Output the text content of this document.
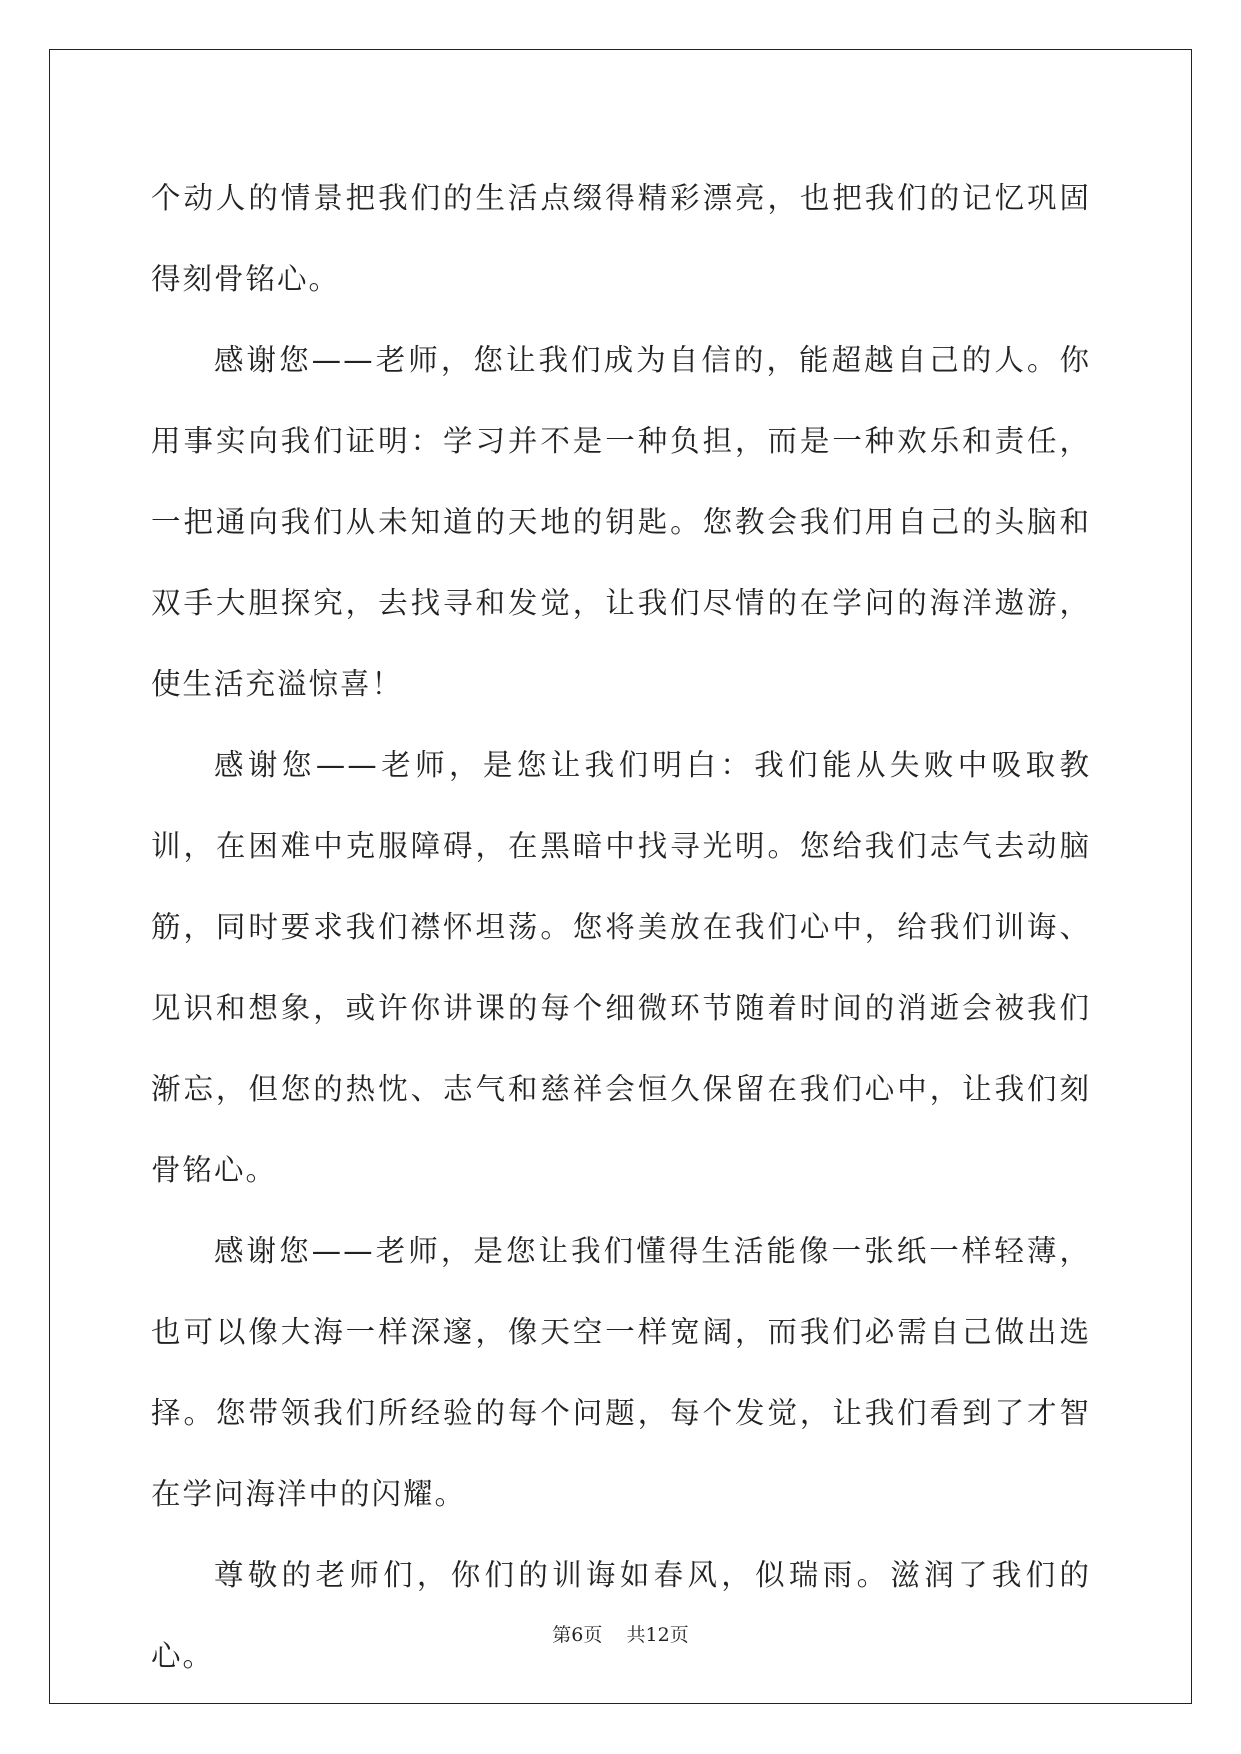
个动人的情景把我们的生活点缀得精彩漂亮，也把我们的记忆巩固得刻骨铭心。

感谢您——老师，您让我们成为自信的，能超越自己的人。你用事实向我们证明：学习并不是一种负担，而是一种欢乐和责任，一把通向我们从未知道的天地的钥匙。您教会我们用自己的头脑和双手大胆探究，去找寻和发觉，让我们尽情的在学问的海洋遨游，使生活充溢惊喜！

感谢您——老师，是您让我们明白：我们能从失败中吸取教训，在困难中克服障碍，在黑暗中找寻光明。您给我们志气去动脑筋，同时要求我们襟怀坦荡。您将美放在我们心中，给我们训诲、见识和想象，或许你讲课的每个细微环节随着时间的消逝会被我们渐忘，但您的热忱、志气和慈祥会恒久保留在我们心中，让我们刻骨铭心。

感谢您——老师，是您让我们懂得生活能像一张纸一样轻薄，也可以像大海一样深邃，像天空一样宽阔，而我们必需自己做出选择。您带领我们所经验的每个问题，每个发觉，让我们看到了才智在学问海洋中的闪耀。

尊敬的老师们，你们的训诲如春风，似瑞雨。滋润了我们的心。

第6页 共12页
